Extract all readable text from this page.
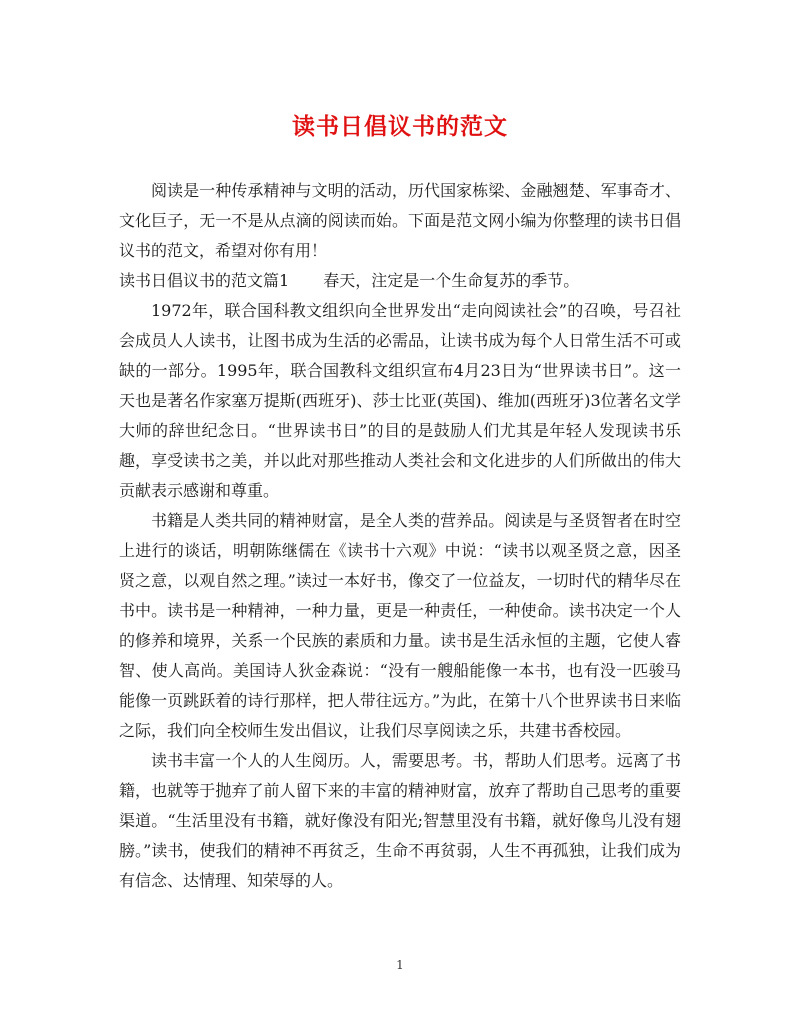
读书日倡议书的范文

阅读是一种传承精神与文明的活动，历代国家栋梁、金融翘楚、军事奇才、文化巨子，无一不是从点滴的阅读而始。下面是范文网小编为你整理的读书日倡议书的范文，希望对你有用！

读书日倡议书的范文篇1 春天，注定是一个生命复苏的季节。

1972年，联合国科教文组织向全世界发出“走向阅读社会”的召唤，号召社会成员人人读书，让图书成为生活的必需品，让读书成为每个人日常生活不可或缺的一部分。1995年，联合国教科文组织宣布4月23日为“世界读书日”。这一天也是著名作家塞万提斯(西班牙)、莎士比亚(英国)、维加(西班牙)3位著名文学大师的辞世纪念日。“世界读书日”的目的是鼓励人们尤其是年轻人发现读书乐趣，享受读书之美，并以此对那些推动人类社会和文化进步的人们所做出的伟大贡献表示感谢和尊重。

书籍是人类共同的精神财富，是全人类的营养品。阅读是与圣贤智者在时空上进行的谈话，明朝陈继儒在《读书十六观》中说：“读书以观圣贤之意，因圣贤之意，以观自然之理。”读过一本好书，像交了一位益友，一切时代的精华尽在书中。读书是一种精神，一种力量，更是一种责任，一种使命。读书决定一个人的修养和境界，关系一个民族的素质和力量。读书是生活永恒的主题，它使人睿智、使人高尚。美国诗人狄金森说：“没有一艘船能像一本书，也有没一匹骏马能像一页跳跃着的诗行那样，把人带往远方。”为此，在第十八个世界读书日来临之际，我们向全校师生发出倡议，让我们尽享阅读之乐，共建书香校园。

读书丰富一个人的人生阅历。人，需要思考。书，帮助人们思考。远离了书籍，也就等于抛弃了前人留下来的丰富的精神财富，放弃了帮助自己思考的重要渠道。“生活里没有书籍，就好像没有阳光;智慧里没有书籍，就好像鸟儿没有翅膀。”读书，使我们的精神不再贫乏，生命不再贫弱，人生不再孤独，让我们成为有信念、达情理、知荣辱的人。

1
